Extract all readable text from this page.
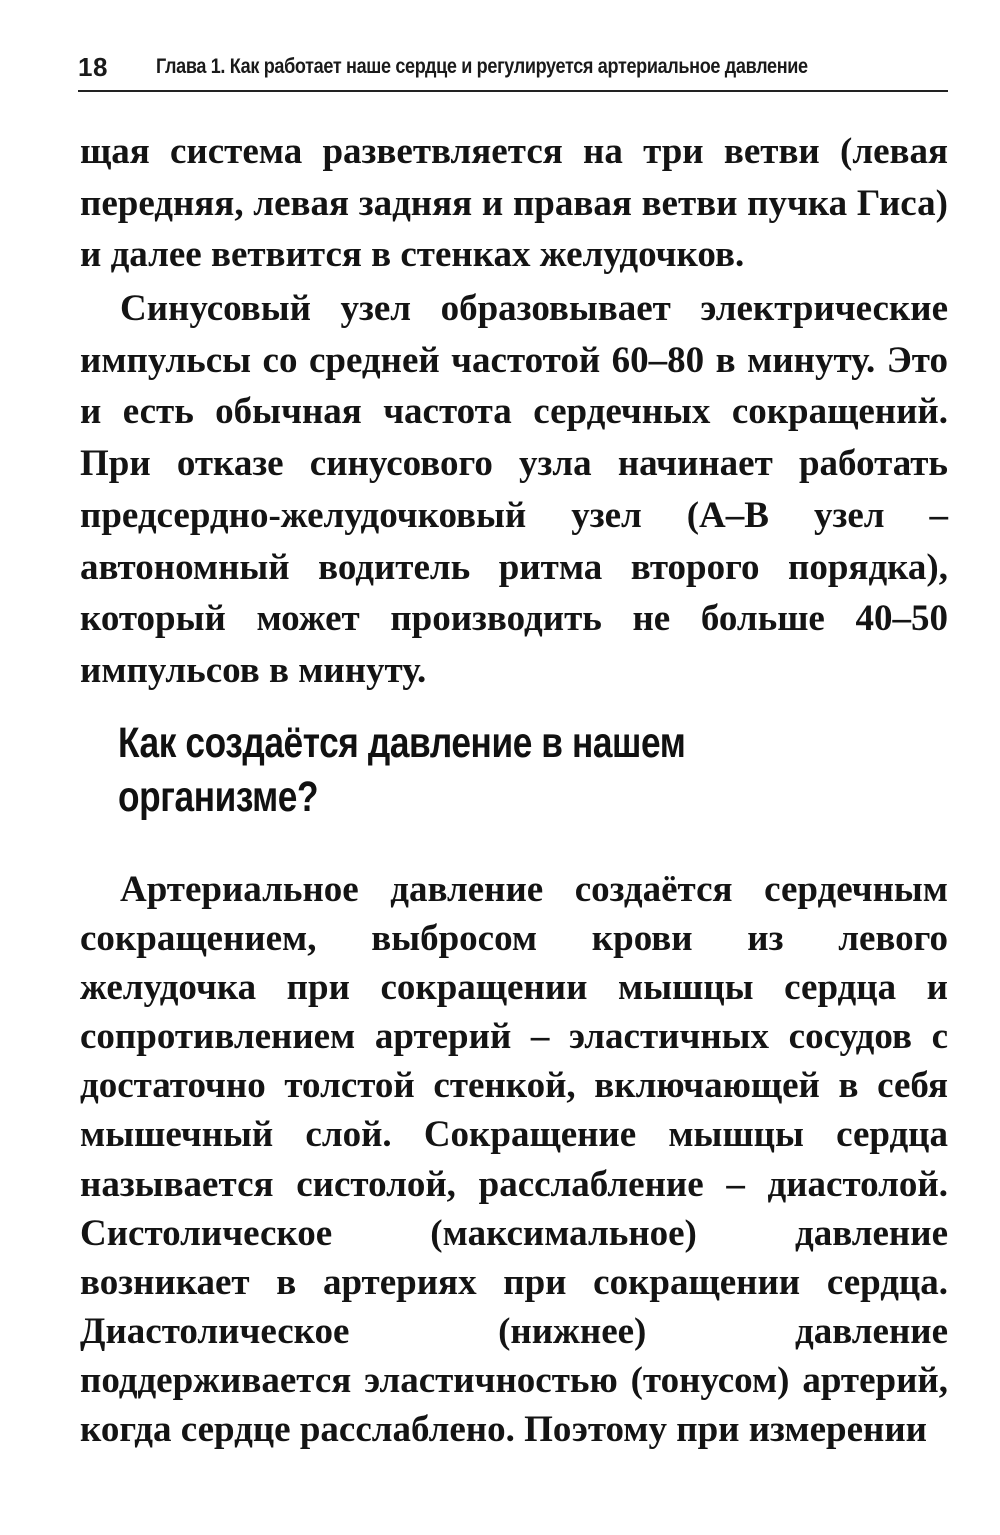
18 Глава 1. Как работает наше сердце и регулируется артериальное давление

щая система разветвляется на три ветви (левая передняя, левая задняя и правая ветви пучка Гиса) и далее ветвится в стенках желудочков.

Синусовый узел образовывает электрические импульсы со средней частотой 60–80 в минуту. Это и есть обычная частота сердечных сокращений. При отказе синусового узла начинает работать предсердно-желудочковый узел (А–В узел – автономный водитель ритма второго порядка), который может производить не больше 40–50 импульсов в минуту.

Как создаётся давление в нашем организме?

Артериальное давление создаётся сердечным сокращением, выбросом крови из левого желудочка при сокращении мышцы сердца и сопротивлением артерий – эластичных сосудов с достаточно толстой стенкой, включающей в себя мышечный слой. Сокращение мышцы сердца называется систолой, расслабление – диастолой. Систолическое (максимальное) давление возникает в артериях при сокращении сердца. Диастолическое (нижнее) давление поддерживается эластичностью (тонусом) артерий, когда сердце расслаблено. Поэтому при измерении
